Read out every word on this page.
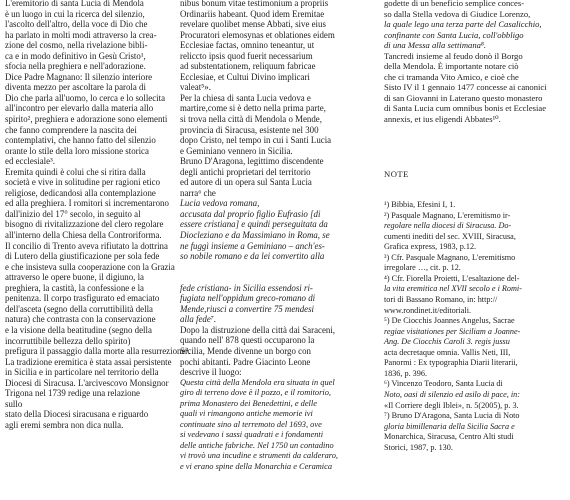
L'eremitorio di santa Lucia di Mendola
è un luogo in cui la ricerca del silenzio,
l'ascolto dell'altro, della voce di Dio che
ha parlato in molti modi attraverso la crea-
zione del cosmo, nella rivelazione bibli-
ca e in modo definitivo in Gesù Cristo¹,
sfocia nella preghiera e nell'adorazione.
Dice Padre Magnano: Il silenzio interiore
diventa mezzo per ascoltare la parola di
Dio che parla all'uomo, lo cerca e lo sollecita
all'incontro per elevarlo dalla materia allo
spirito², preghiera e adorazione sono elementi
che fanno comprendere la nascita dei
contemplativi, che hanno fatto del silenzio
orante lo stile della loro missione storica
ed ecclesiale³.
Eremita quindi è colui che si ritira dalla
società e vive in solitudine per ragioni etico
religiose, dedicandosi alla contemplazione
ed alla preghiera. I romitori si incrementarono
dall'inizio del 17° secolo, in seguito al
bisogno di rivitalizzazione del clero regolare
all'interno della Chiesa della Controriforma.
Il concilio di Trento aveva rifiutato la dottrina
di Lutero della giustificazione per sola fede
e che insisteva sulla cooperazione con la Grazia
attraverso le opere buone, il digiuno, la
preghiera, la castità, la confessione e la
penitenza. Il corpo trasfigurato ed emaciato
dell'asceta (segno della corruttibilità della
natura) che contrasta con la conservazione
e la visione della beatitudine (segno della
incorruttibile bellezza dello spirito)
prefigura il passaggio dalla morte alla resurrezione⁴.
La tradizione eremitica è stata assai persistente
in Sicilia e in particolare nel territorio della
Diocesi di Siracusa. L'arcivescovo Monsignor
Trigona nel 1739 redige una relazione
sullo
stato della Diocesi siracusana e riguardo
agli eremi sembra non dica nulla.
nibus bonum vitae testimonium a propriis
Ordinariis habeant. Quod idem Eremitae
revelare quolibet mense Abbati, sive eius
Procuratori elemosynas et oblationes eidem
Ecclesiae factas, omnino teneantur, ut
reliccto ipsis quod fuerit necessarium
ad substentationem, reliquum fabricae
Ecclesiae, et Cultui Divino implicari
valeat⁵».
Per la chiesa di santa Lucia vedova e
martire,come si è detto nella prima parte,
si trova nella città di Mendola o Mende,
provincia di Siracusa, esistente nel 300
dopo Cristo, nel tempo in cui i Santi Lucia
e Geminiano vennero in Sicilia.
Bruno D'Aragona, legittimo discendente
degli antichi proprietari del territorio
ed autore di un opera sul Santa Lucia
narra⁶ che
Lucia vedova romana,
accusata dal proprio figlio Eufrasio [di
essere cristiana] e quindi perseguitata da
Diocleziano e da Massimiano in Roma, se
ne fuggì insieme a Geminiano – anch'es-
so nobile romano e da lei convertito alla
fede cristiana- in Sicilia essendosi ri-
fugiata nell'oppidum greco-romano di
Mende,riusci a convertire 75 mendesi
alla fede⁷.
Dopo la distruzione della città dai Saraceni,
quando nell' 878 questi occuparono la
Sicilia, Mende divenne un borgo con
pochi abitanti. Padre Giacinto Leone
descrive il luogo:
Questa città della Mendola era situata in quel
giro di terreno dove è il pozzo, e il romitorio,
prima Monastero dei Benedettini, e delle
quali vi rimangono antiche memorie ivi
continuate sino al terremoto del 1693, ove
si vedevano i sassi quadrati e i fondamenti
delle antiche fabriche. Nel 1750 un contadino
vi trovò una incudine e strumenti da calderaro,
e vi erano spine della Monarchia e Ceramica
godette di un beneficio semplice conces-
so dalla Stella vedova di Giudice Lorenzo,
la quale lego una terza parte del Casalicchio,
confinante con Santa Lucia, coll'obbligo
di una Messa alla settimana⁸.
Tancredi insieme al feudo donò il Borgo
della Mendola. È importante notare ciò
che ci tramanda Vito Amico, e cioè che
Sisto IV il 1 gennaio 1477 concesse ai canonici
di san Giovanni in Laterano questo monastero
di Santa Lucia cum omnibus bonis et Ecclesiae
annexis, et ius eligendi Abbates¹⁰.
NOTE
¹) Bibbia, Efesini I, 1.
²) Pasquale Magnano, L'eremitismo ir-
regolare nella diocesi di Siracusa. Do-
cumenti inediti del sec. XVIII, Siracusa,
Grafica express, 1983, p.12.
³) Cfr. Pasquale Magnano, L'eremitismo
irregolare …, cit. p. 12.
⁴) Cfr. Fiorella Proietti, L'esaltazione del-
la vita eremitica nel XVII secolo e i Romi-
tori di Bassano Romano, in: http://
www.rondinet.it/editoriali.
⁵) De Ciocchis Joannes Angelus, Sacrae
regiae visitationes per Siciliam a Joanne-
Ang. De Ciocchis Caroli 3. regis jussu
acta decretaque omnia. Vallis Neti, III,
Panormi : Ex typographia Diarii literarii,
1836, p. 396.
⁶) Vincenzo Teodoro, Santa Lucia di
Noto, oasi di silenzio ed asilo di pace, in:
«Il Corriere degli Iblei», n. 5(2005), p. 3.
⁷) Bruno D'Aragona, Santa Lucia di Noto
gloria bimillenaria della Sicilia Sacra e
Monarchica, Siracusa, Centro Alti studi
Storici, 1987, p. 130.
